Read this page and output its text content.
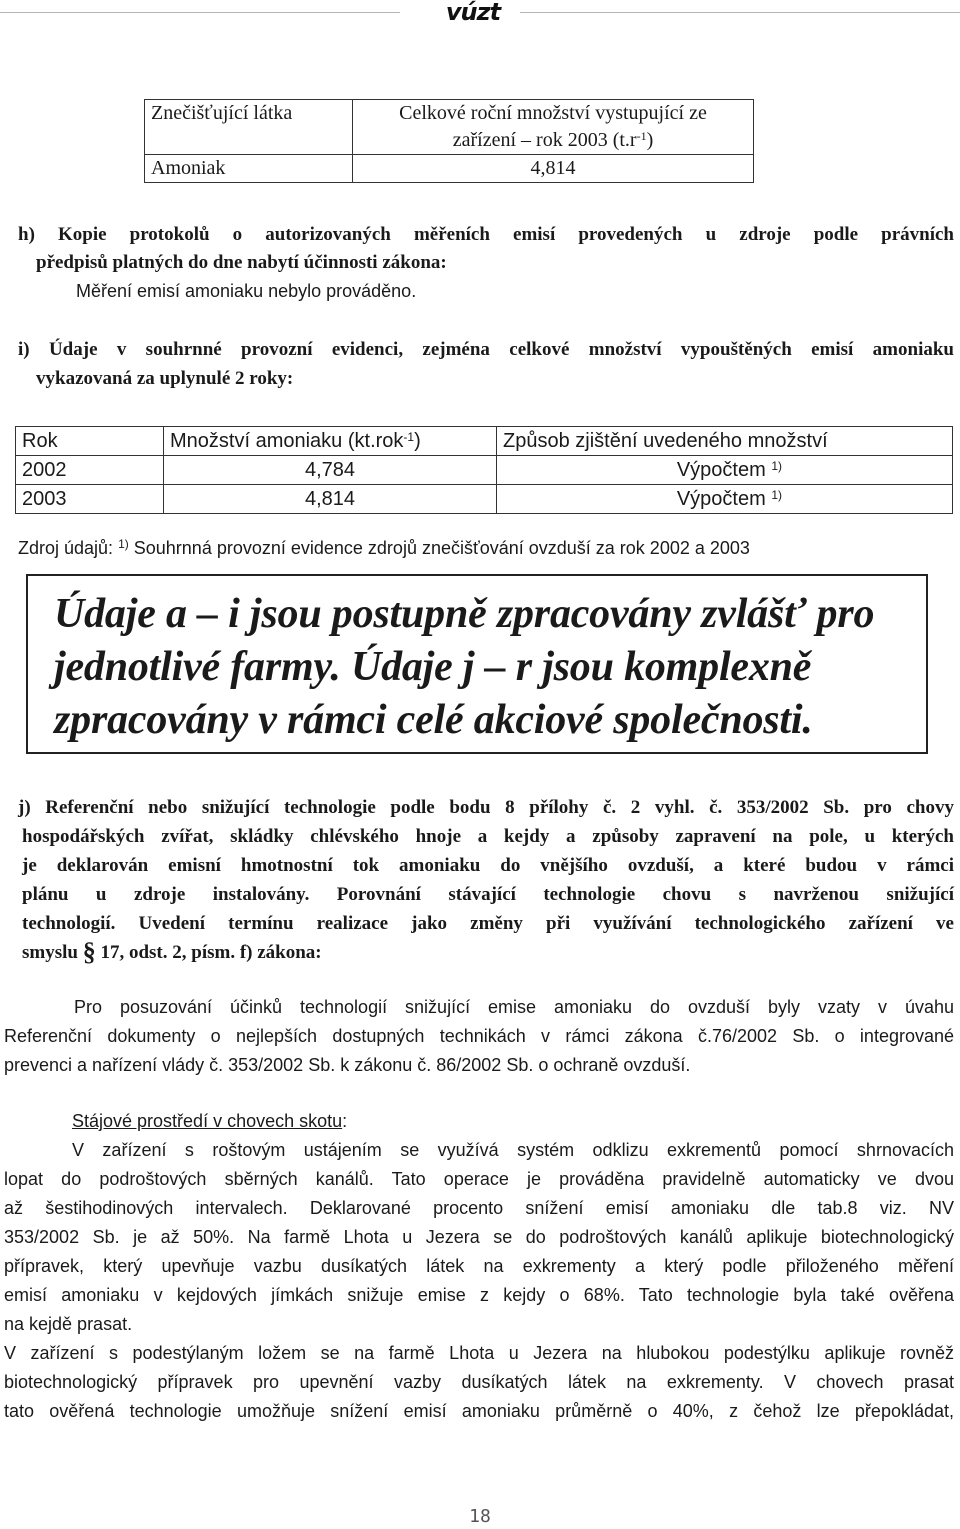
vúzt
Znečišťující látka	Celkové roční množství vystupující ze
zařízení – rok 2003 $(t.r^{-1})$
Amoniak	4,814
h) Kopie protokolů o autorizovaných měřeních emisí provedených u zdroje podle právních
předpisů platných do dne nabytí účinnosti zákona:
Měření emisí amoniaku nebylo prováděno.
i) Údaje v souhrnné provozní evidenci, zejména celkové množství vypouštěných emisí amoniaku
vykazovaná za uplynulé 2 roky:
Rok	Množství amoniaku (kt.rok$^{-1}$)	Způsob zjištění uvedeného množství
2002	4,784	Výpočtem $^{1)}$
2003	4,814	Výpočtem $^{1)}$
Zdroj údajů: $^{1)}$ Souhrnná provozní evidence zdrojů znečišťování ovzduší za rok 2002 a 2003

Údaje a – i jsou postupně zpracovány zvlášť pro
jednotlivé farmy. Údaje j – r jsou komplexně
zpracovány v rámci celé akciové společnosti.

j) Referenční nebo snižující technologie podle bodu 8 přílohy č. 2 vyhl. č. 353/2002 Sb. pro chovy
hospodářských zvířat, skládky chlévského hnoje a kejdy a způsoby zapravení na pole, u kterých
je deklarován emisní hmotnostní tok amoniaku do vnějšího ovzduší, a které budou v rámci
plánu u zdroje instalovány. Porovnání stávající technologie chovu s navrženou snižující
technologií. Uvedení termínu realizace jako změny při využívání technologického zařízení ve
smyslu § 17, odst. 2, písm. f) zákona:
Pro posuzování účinků technologií snižující emise amoniaku do ovzduší byly vzaty v úvahu
Referenční dokumenty o nejlepších dostupných technikách v rámci zákona č.76/2002 Sb. o integrované
prevenci a nařízení vlády č. 353/2002 Sb. k zákonu č. 86/2002 Sb. o ochraně ovzduší.
Stájové prostředí v chovech skotu:
V zařízení s roštovým ustájením se využívá systém odklizu exkrementů pomocí shrnovacích
lopat do podroštových sběrných kanálů. Tato operace je prováděna pravidelně automaticky ve dvou
až šestihodinových intervalech. Deklarované procento snížení emisí amoniaku dle tab.8 viz. NV
353/2002 Sb. je až 50%. Na farmě Lhota u Jezera se do podroštových kanálů aplikuje biotechnologický
přípravek, který upevňuje vazbu dusíkatých látek na exkrementy a který podle přiloženého měření
emisí amoniaku v kejdových jímkách snižuje emise z kejdy o 68%. Tato technologie byla také ověřena
na kejdě prasat.
V zařízení s podestýlaným ložem se na farmě Lhota u Jezera na hlubokou podestýlku aplikuje rovněž
biotechnologický přípravek pro upevnění vazby dusíkatých látek na exkrementy. V chovech prasat
tato ověřená technologie umožňuje snížení emisí amoniaku průměrně o 40%, z čehož lze přepokládat,
18
